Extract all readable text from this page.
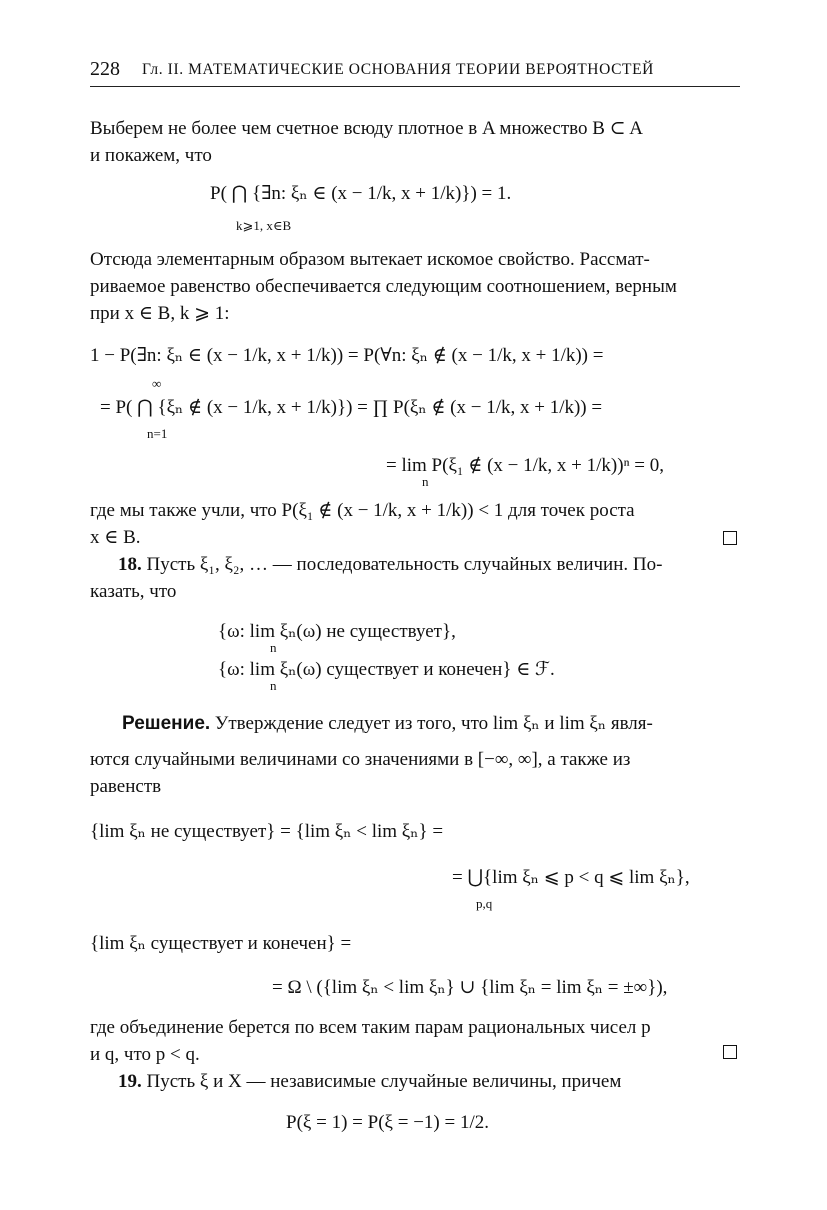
228 Гл. II. МАТЕМАТИЧЕСКИЕ ОСНОВАНИЯ ТЕОРИИ ВЕРОЯТНОСТЕЙ
Выберем не более чем счетное всюду плотное в A множество B ⊂ A
и покажем, что
P( ⋂ {∃n: ξₙ ∈ (x − 1/k, x + 1/k)}) = 1.
k⩾1, x∈B
Отсюда элементарным образом вытекает искомое свойство. Рассмат-
риваемое равенство обеспечивается следующим соотношением, верным
при x ∈ B, k ⩾ 1:
1 − P(∃n: ξₙ ∈ (x − 1/k, x + 1/k)) = P(∀n: ξₙ ∉ (x − 1/k, x + 1/k)) =
∞
= P( ⋂ {ξₙ ∉ (x − 1/k, x + 1/k)}) = ∏ P(ξₙ ∉ (x − 1/k, x + 1/k)) =
n=1
= lim P(ξ₁ ∉ (x − 1/k, x + 1/k))ⁿ = 0,
n
где мы также учли, что P(ξ₁ ∉ (x − 1/k, x + 1/k)) < 1 для точек роста
x ∈ B.
18. Пусть ξ₁, ξ₂, … — последовательность случайных величин. По-
казать, что
{ω: lim ξₙ(ω) не существует},
n
{ω: lim ξₙ(ω) существует и конечен} ∈ ℱ.
n
Решение. Утверждение следует из того, что lim ξₙ и lim ξₙ явля-
ются случайными величинами со значениями в [−∞, ∞], а также из
равенств
{lim ξₙ не существует} = {lim ξₙ < lim ξₙ} =
= ⋃{lim ξₙ ⩽ p < q ⩽ lim ξₙ},
p,q
{lim ξₙ существует и конечен} =
= Ω \ ({lim ξₙ < lim ξₙ} ∪ {lim ξₙ = lim ξₙ = ±∞}),
где объединение берется по всем таким парам рациональных чисел p
и q, что p < q.
19. Пусть ξ и X — независимые случайные величины, причем
P(ξ = 1) = P(ξ = −1) = 1/2.
